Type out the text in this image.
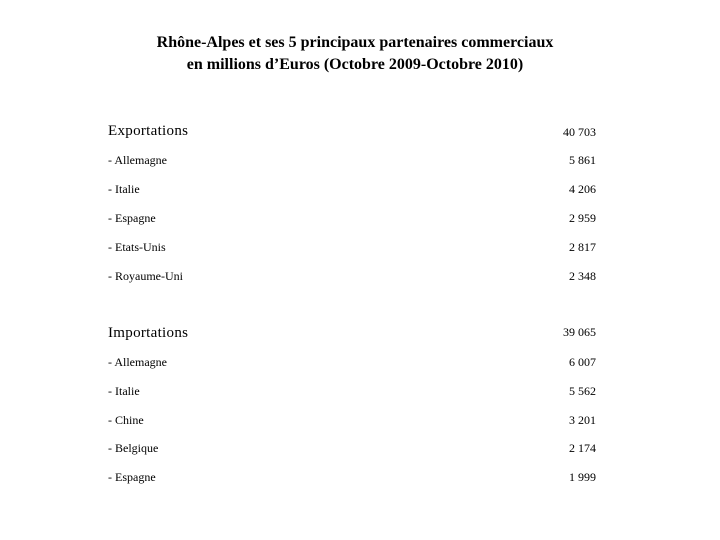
Rhône-Alpes et ses 5 principaux partenaires commerciaux
en millions d’Euros (Octobre 2009-Octobre 2010)
Exportations	40 703
- Allemagne	5 861
- Italie	4 206
- Espagne	2 959
- Etats-Unis	2 817
- Royaume-Uni	2 348
Importations	39 065
- Allemagne	6 007
- Italie	5 562
- Chine	3 201
- Belgique	2 174
- Espagne	1 999
